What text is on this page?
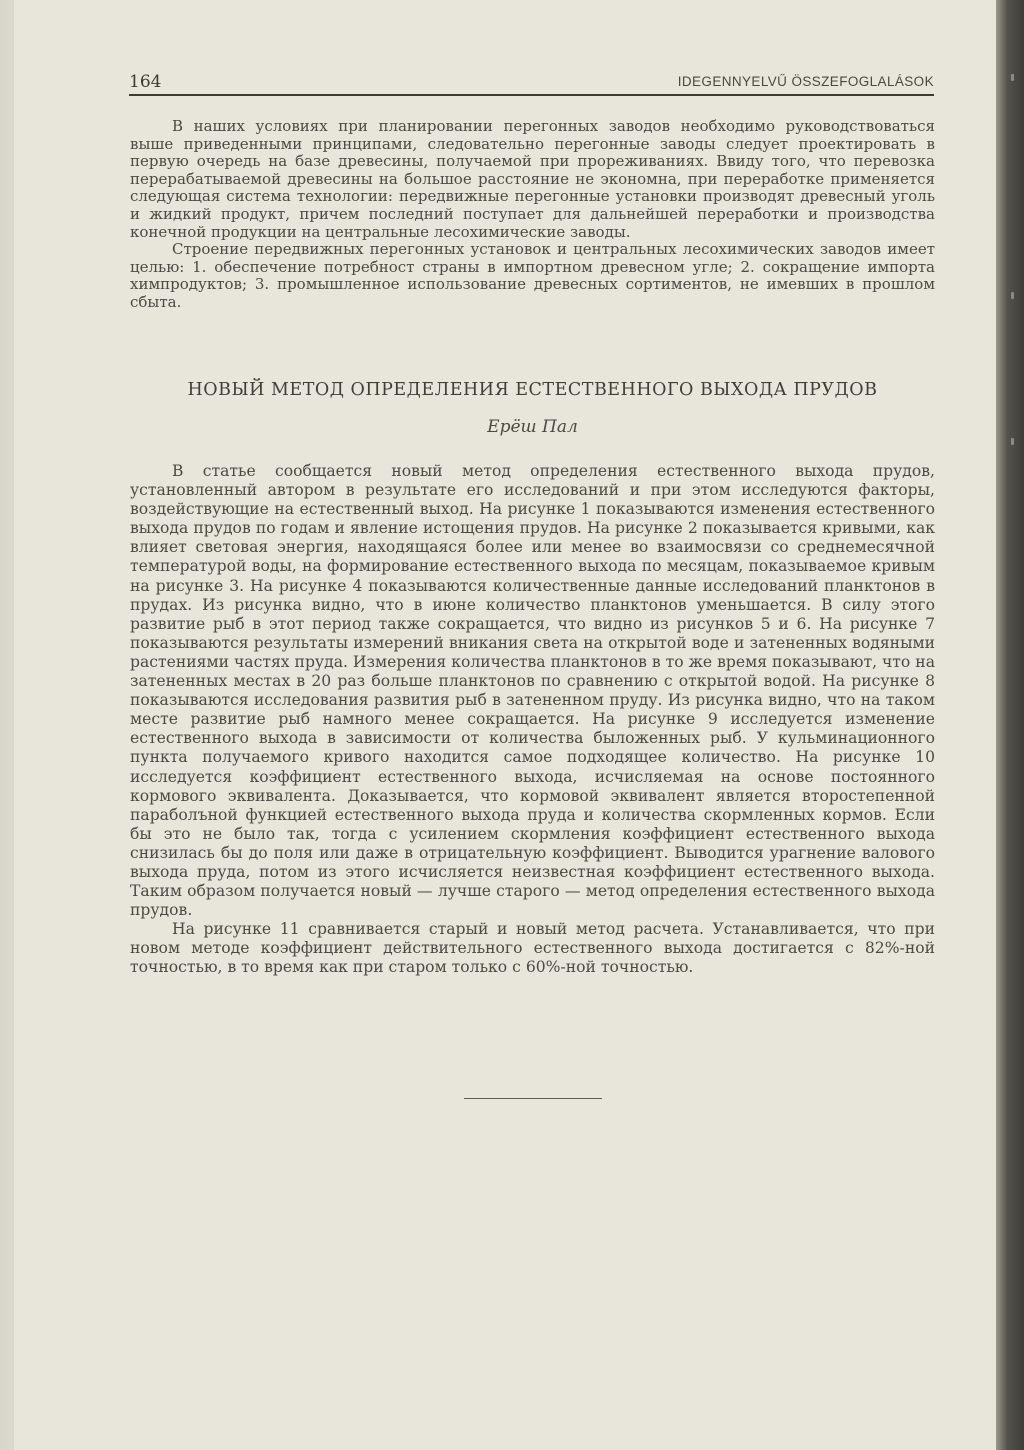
164	IDEGENNYELVŰ ÖSSZEFOGLALÁSOK

В наших условиях при планировании перегонных заводов необходимо руководствоваться выше приведенными принципами, следовательно перегонные заводы следует проектировать в первую очередь на базе древесины, получаемой при прореживаниях. Ввиду того, что перевозка перерабатываемой древесины на большое расстояние не экономна, при переработке применяется следующая система технологии: передвижные перегонные установки производят древесный уголь и жидкий продукт, причем последний поступает для дальнейшей переработки и производства конечной продукции на центральные лесохимические заводы.

Строение передвижных перегонных установок и центральных лесохимических заводов имеет целью: 1. обеспечение потребност страны в импортном древесном угле; 2. сокращение импорта химпродуктов; 3. промышленное использование древесных сортиментов, не имевших в прошлом сбыта.

НОВЫЙ МЕТОД ОПРЕДЕЛЕНИЯ ЕСТЕСТВЕННОГО ВЫХОДА ПРУДОВ
Ерёш Пал

В статье сообщается новый метод определения естественного выхода прудов, установленный автором в результате его исследований и при этом исследуются факторы, воздействующие на естественный выход. На рисунке 1 показываются изменения естественного выхода прудов по годам и явление истощения прудов. На рисунке 2 показывается кривыми, как влияет световая энергия, находящаяся более или менее во взаимосвязи со среднемесячной температурой воды, на формирование естественного выхода по месяцам, показываемое кривым на рисунке 3. На рисунке 4 показываются количественные данные исследований планктонов в прудах. Из рисунка видно, что в июне количество планктонов уменьшается. В силу этого развитие рыб в этот период также сокращается, что видно из рисунков 5 и 6. На рисунке 7 показываются результаты измерений вникания света на открытой воде и затененных водяными растениями частях пруда. Измерения количества планктонов в то же время показывают, что на затененных местах в 20 раз больше планктонов по сравнению с открытой водой. На рисунке 8 показываются исследования развития рыб в затененном пруду. Из рисунка видно, что на таком месте развитие рыб намного менее сокращается. На рисунке 9 исследуется изменение естественного выхода в зависимости от количества быложенных рыб. У кульминационного пункта получаемого кривого находится самое подходящее количество. На рисунке 10 исследуется коэффициент естественного выхода, исчисляемая на основе постоянного кормового эквивалента. Доказывается, что кормовой эквивалент является второстепенной параболъной функцией естественного выхода пруда и количества скормленных кормов. Если бы это не было так, тогда с усилением скормления коэффициент естественного выхода снизилась бы до поля или даже в отрицательную коэффициент. Выводится урагнение валового выхода пруда, потом из этого исчисляется неизвестная коэффициент естественного выхода. Таким образом получается новый — лучше старого — метод определения естественного выхода прудов.

На рисунке 11 сравнивается старый и новый метод расчета. Устанавливается, что при новом методе коэффициент действительного естественного выхода достигается с 82%-ной точностью, в то время как при старом только с 60%-ной точностью.
